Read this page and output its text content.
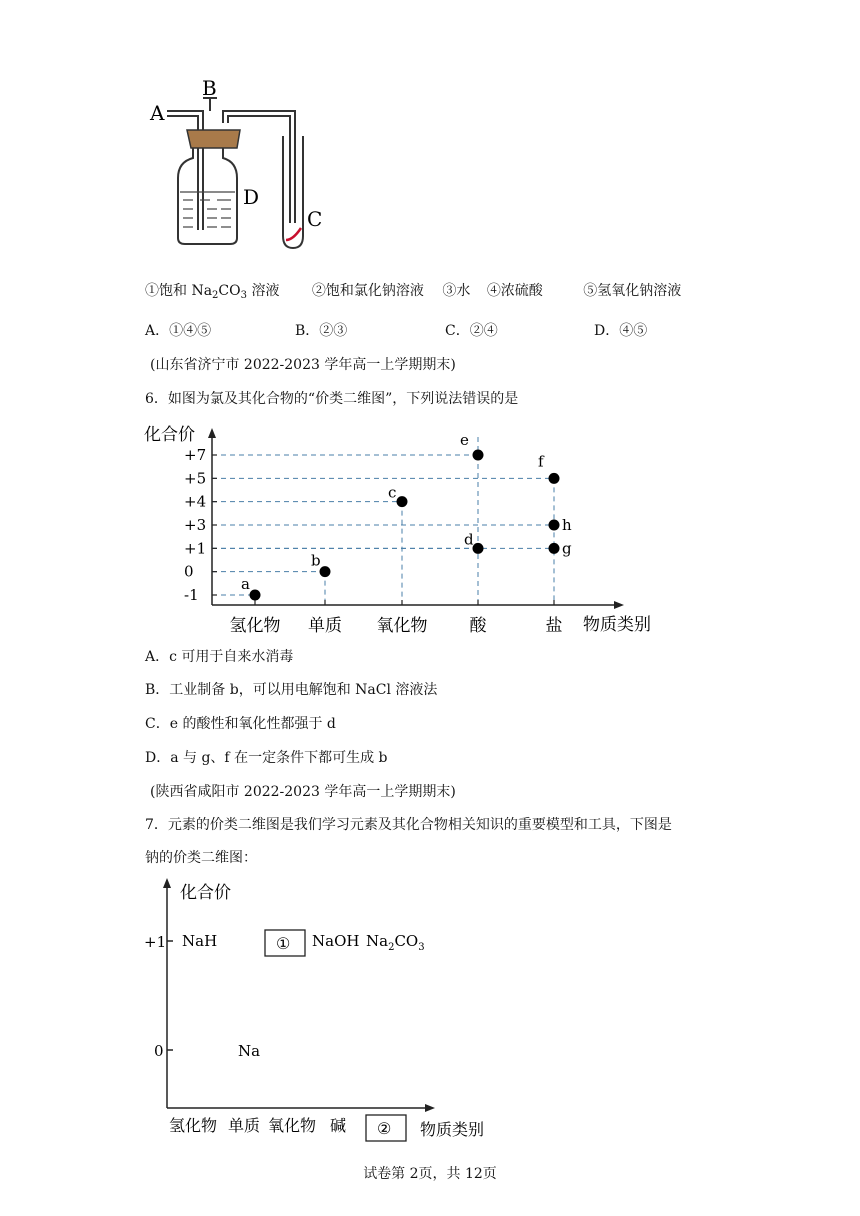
A
B
D
C
①饱和 $Na_2CO_3$ 溶液 ②饱和氯化钠溶液 ③水 ④浓硫酸	⑤氢氧化钠溶液
A．①④⑤	B．②③	C．②④	D．④⑤
(山东省济宁市 2022-2023 学年高一上学期期末)
6．如图为氯及其化合物的“价类二维图”，下列说法错误的是
+7
+5
+4
+3
+1
0
-1
氢化物 单质 氧化物 酸	盐
a
b
c
d
e
f
h
g
化合价
物质类别
A．c 可用于自来水消毒
B．工业制备 b，可以用电解饱和 NaCl 溶液法
C．e 的酸性和氧化性都强于 d
D．a 与 g、f 在一定条件下都可生成 b
(陕西省咸阳市 2022-2023 学年高一上学期期末)
7．元素的价类二维图是我们学习元素及其化合物相关知识的重要模型和工具，下图是
钠的价类二维图：
化合价
+1
0
NaH	① NaOH $Na_2CO_3$
Na
氢化物 单质 氧化物 碱 ② 物质类别
试卷第 2页，共 12页
